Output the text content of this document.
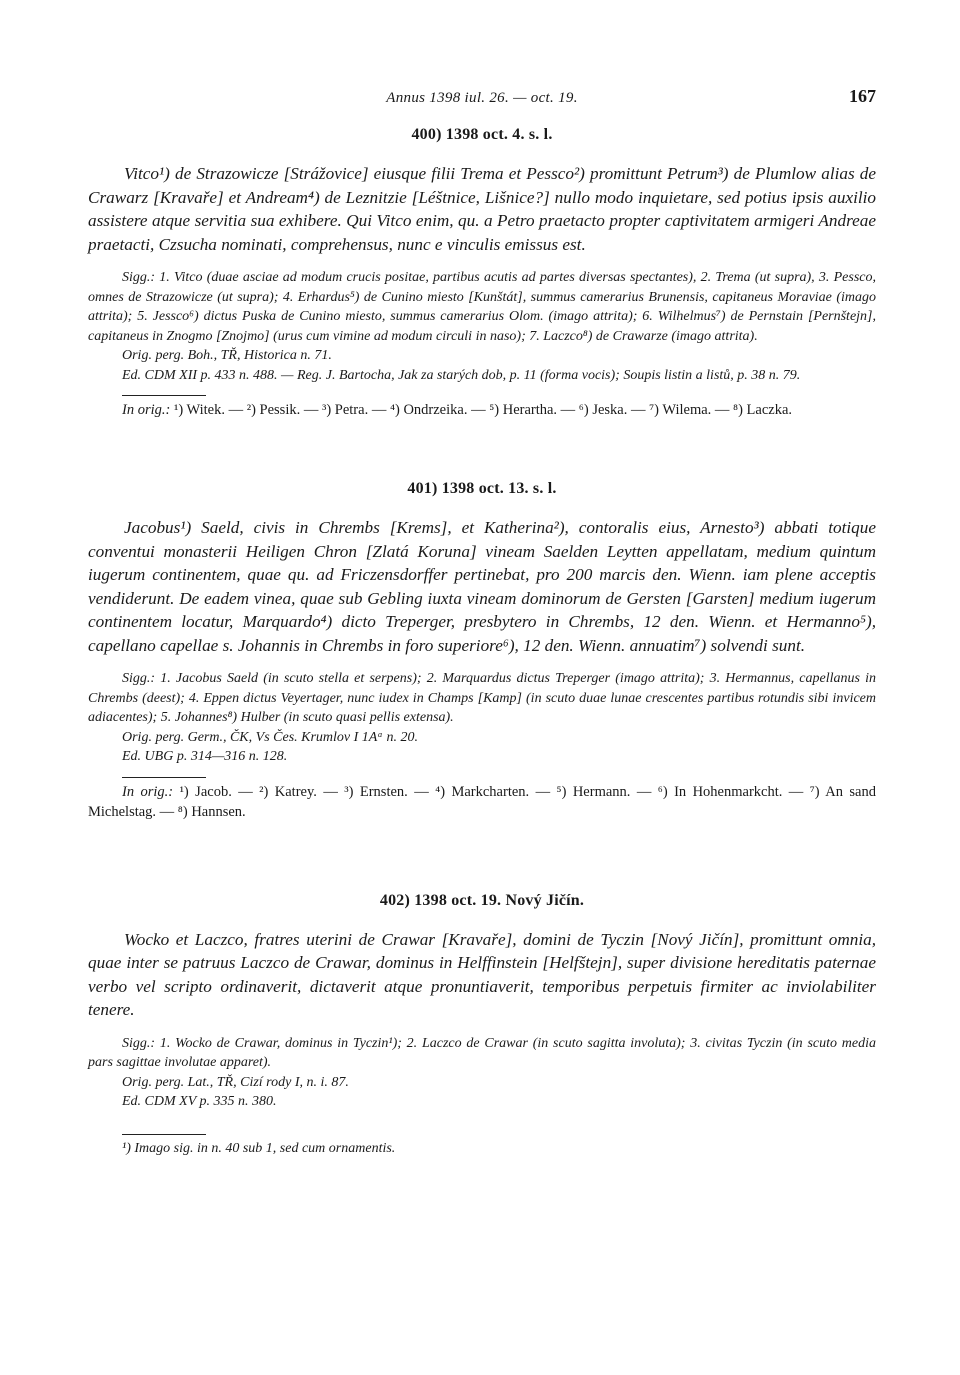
Annus 1398 iul. 26. — oct. 19.	167
400) 1398 oct. 4. s. l.

Vitco¹) de Strazowicze [Strážovice] eiusque filii Trema et Pessco²) promittunt Petrum³) de Plumlow alias de Crawarz [Kravaře] et Andream⁴) de Leznitzie [Léštnice, Lišnice?] nullo modo inquietare, sed potius ipsis auxilio assistere atque servitia sua exhibere. Qui Vitco enim, qu. a Petro praetacto propter captivitatem armigeri Andreae praetacti, Czsucha nominati, comprehensus, nunc e vinculis emissus est.

Sigg.: 1. Vitco (duae asciae ad modum crucis positae, partibus acutis ad partes diversas spectantes), 2. Trema (ut supra), 3. Pessco, omnes de Strazowicze (ut supra); 4. Erhardus⁵) de Cunino miesto [Kunštát], summus camerarius Brunensis, capitaneus Moraviae (imago attrita); 5. Jessco⁶) dictus Puska de Cunino miesto, summus camerarius Olom. (imago attrita); 6. Wilhelmus⁷) de Pernstain [Pernštejn], capitaneus in Znogmo [Znojmo] (urus cum vimine ad modum circuli in naso); 7. Laczco⁸) de Crawarze (imago attrita).

Orig. perg. Boh., TŘ, Historica n. 71.

Ed. CDM XII p. 433 n. 488. — Reg. J. Bartocha, Jak za starých dob, p. 11 (forma vocis); Soupis listin a listů, p. 38 n. 79.

In orig.: ¹) Witek. — ²) Pessik. — ³) Petra. — ⁴) Ondrzeika. — ⁵) Herartha. — ⁶) Jeska. — ⁷) Wilema. — ⁸) Laczka.

401) 1398 oct. 13. s. l.

Jacobus¹) Saeld, civis in Chrembs [Krems], et Katherina²), contoralis eius, Arnesto³) abbati totique conventui monasterii Heiligen Chron [Zlatá Koruna] vineam Saelden Leytten appellatam, medium quintum iugerum continentem, quae qu. ad Friczensdorffer pertinebat, pro 200 marcis den. Wienn. iam plene acceptis vendiderunt. De eadem vinea, quae sub Gebling iuxta vineam dominorum de Gersten [Garsten] medium iugerum continentem locatur, Marquardo⁴) dicto Treperger, presbytero in Chrembs, 12 den. Wienn. et Hermanno⁵), capellano capellae s. Johannis in Chrembs in foro superiore⁶), 12 den. Wienn. annuatim⁷) solvendi sunt.

Sigg.: 1. Jacobus Saeld (in scuto stella et serpens); 2. Marquardus dictus Treperger (imago attrita); 3. Hermannus, capellanus in Chrembs (deest); 4. Eppen dictus Veyertager, nunc iudex in Champs [Kamp] (in scuto duae lunae crescentes partibus rotundis sibi invicem adiacentes); 5. Johannes⁸) Hulber (in scuto quasi pellis extensa).

Orig. perg. Germ., ČK, Vs Čes. Krumlov I 1Aᵅ n. 20.

Ed. UBG p. 314—316 n. 128.

In orig.: ¹) Jacob. — ²) Katrey. — ³) Ernsten. — ⁴) Markcharten. — ⁵) Hermann. — ⁶) In Hohenmarkcht. — ⁷) An sand Michelstag. — ⁸) Hannsen.

402) 1398 oct. 19. Nový Jičín.

Wocko et Laczco, fratres uterini de Crawar [Kravaře], domini de Tyczin [Nový Jičín], promittunt omnia, quae inter se patruus Laczco de Crawar, dominus in Helffinstein [Helfštejn], super divisione hereditatis paternae verbo vel scripto ordinaverit, dictaverit atque pronuntiaverit, temporibus perpetuis firmiter ac inviolabiliter tenere.

Sigg.: 1. Wocko de Crawar, dominus in Tyczin¹); 2. Laczco de Crawar (in scuto sagitta involuta); 3. civitas Tyczin (in scuto media pars sagittae involutae apparet).

Orig. perg. Lat., TŘ, Cizí rody I, n. i. 87.

Ed. CDM XV p. 335 n. 380.

¹) Imago sig. in n. 40 sub 1, sed cum ornamentis.
